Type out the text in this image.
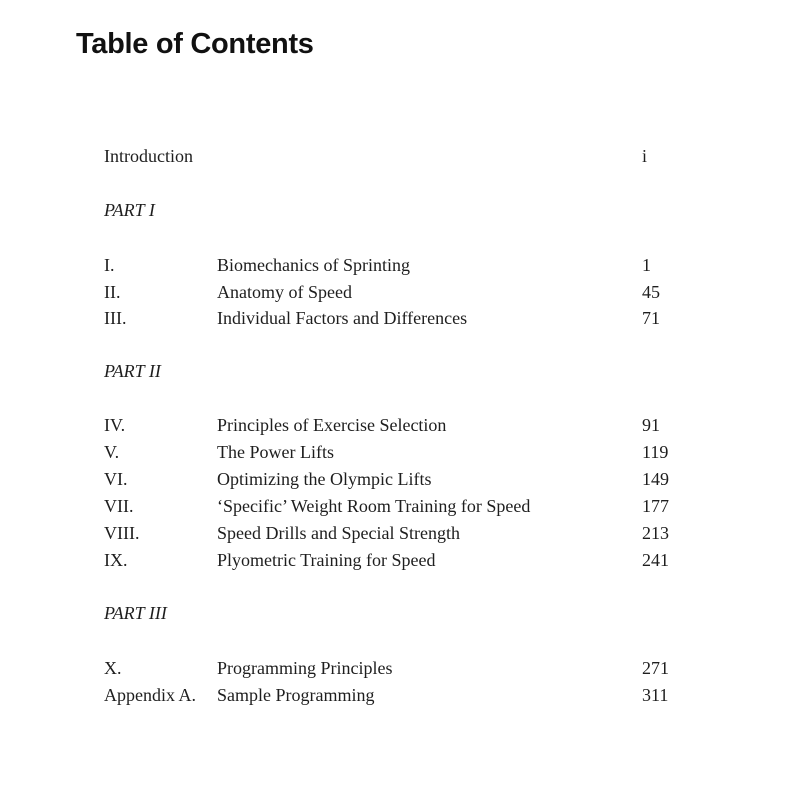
Table of Contents
Introduction	i
PART I
I.	Biomechanics of Sprinting	1
II.	Anatomy of Speed	45
III.	Individual Factors and Differences	71
PART II
IV.	Principles of Exercise Selection	91
V.	The Power Lifts	119
VI.	Optimizing the Olympic Lifts	149
VII.	‘Specific’ Weight Room Training for Speed	177
VIII.	Speed Drills and Special Strength	213
IX.	Plyometric Training for Speed	241
PART III
X.	Programming Principles	271
Appendix A. Sample Programming	311
